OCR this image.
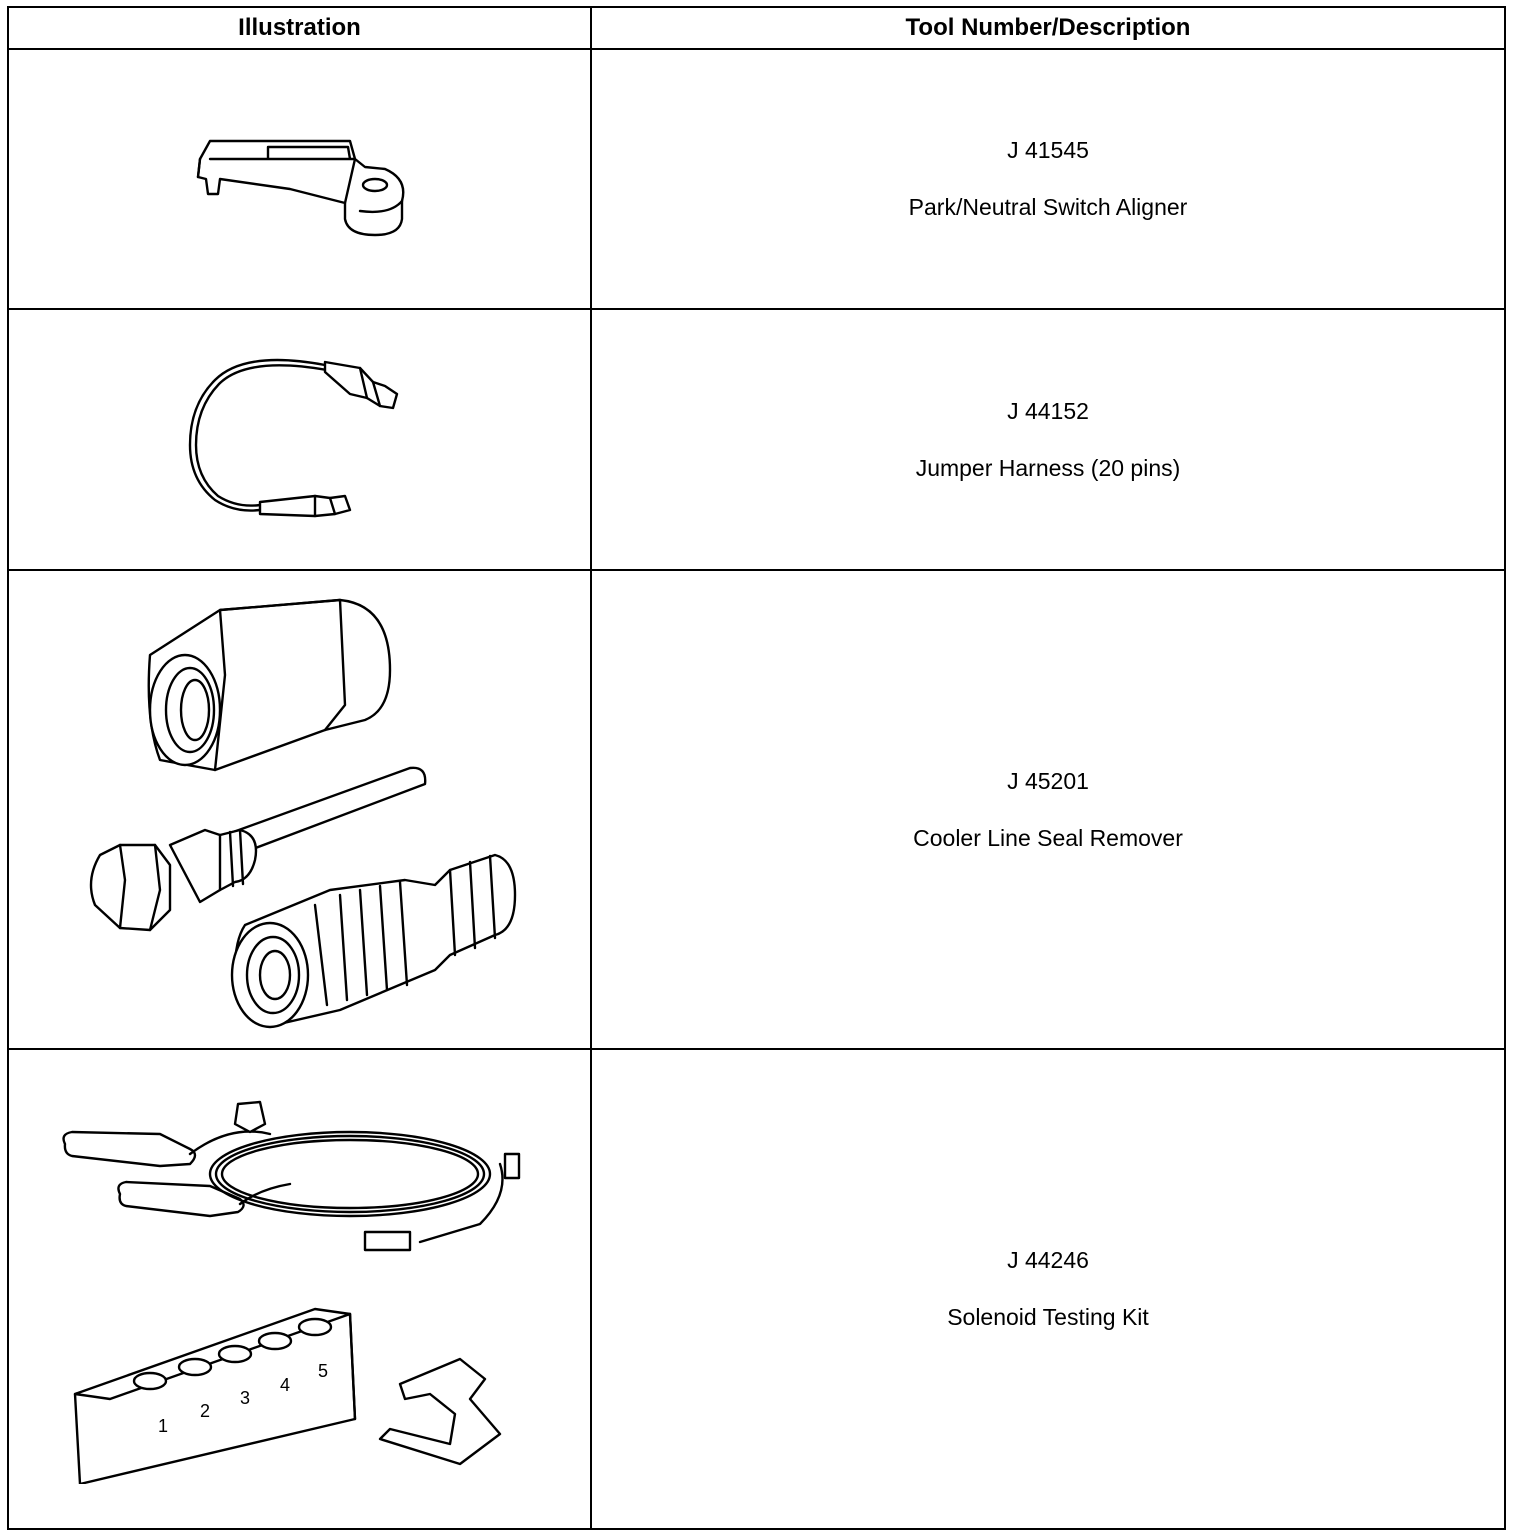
Illustration	Tool Number/Description

J 41545
Park/Neutral Switch Aligner

J 44152
Jumper Harness (20 pins)

J 45201
Cooler Line Seal Remover

1
2
3
4
5	J 44246
Solenoid Testing Kit
